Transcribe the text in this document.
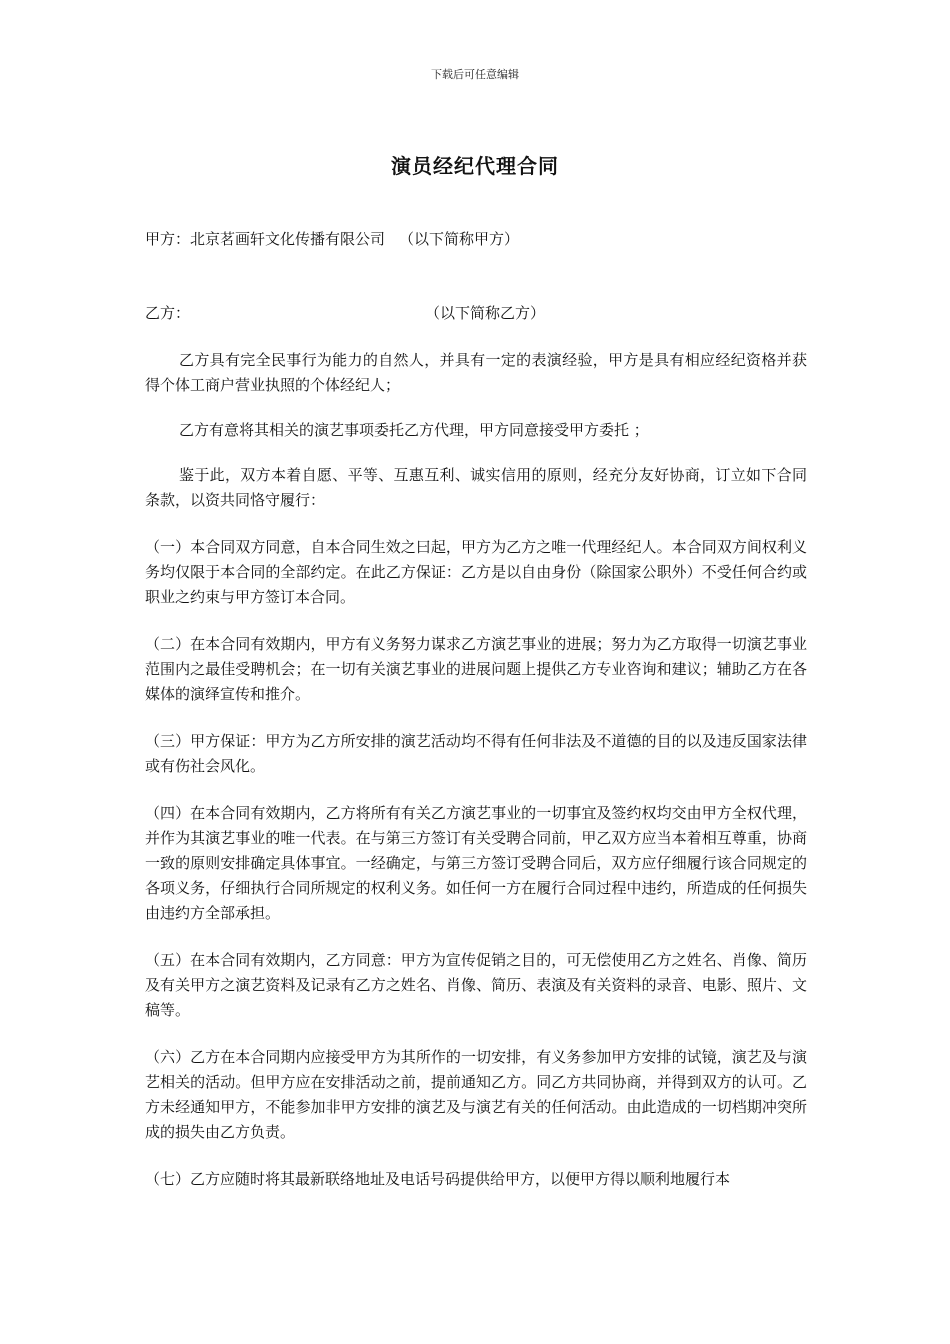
下载后可任意编辑
演员经纪代理合同
甲方：北京茗画轩文化传播有限公司 （以下简称甲方）
乙方：	（以下简称乙方）

乙方具有完全民事行为能力的自然人，并具有一定的表演经验，甲方是具有相应经纪资格并获得个体工商户营业执照的个体经纪人；

乙方有意将其相关的演艺事项委托乙方代理，甲方同意接受甲方委托 ；

鉴于此，双方本着自愿、平等、互惠互利、诚实信用的原则，经充分友好协商，订立如下合同条款，以资共同恪守履行：

（一）本合同双方同意，自本合同生效之曰起，甲方为乙方之唯一代理经纪人。本合同双方间权利义务均仅限于本合同的全部约定。在此乙方保证：乙方是以自由身份（除国家公职外）不受任何合约或职业之约束与甲方签订本合同。

（二）在本合同有效期内，甲方有义务努力谋求乙方演艺事业的进展；努力为乙方取得一切演艺事业范围内之最佳受聘机会；在一切有关演艺事业的进展问题上提供乙方专业咨询和建议；辅助乙方在各媒体的演绎宣传和推介。

（三）甲方保证：甲方为乙方所安排的演艺活动均不得有任何非法及不道德的目的以及违反国家法律或有伤社会风化。

（四）在本合同有效期内，乙方将所有有关乙方演艺事业的一切事宜及签约权均交由甲方全权代理，并作为其演艺事业的唯一代表。在与第三方签订有关受聘合同前，甲乙双方应当本着相互尊重，协商一致的原则安排确定具体事宜。一经确定，与第三方签订受聘合同后，双方应仔细履行该合同规定的各项义务，仔细执行合同所规定的权利义务。如任何一方在履行合同过程中违约，所造成的任何损失由违约方全部承担。

（五）在本合同有效期内，乙方同意：甲方为宣传促销之目的，可无偿使用乙方之姓名、肖像、简历及有关甲方之演艺资料及记录有乙方之姓名、肖像、简历、表演及有关资料的录音、电影、照片、文稿等。

（六）乙方在本合同期内应接受甲方为其所作的一切安排，有义务参加甲方安排的试镜，演艺及与演艺相关的活动。但甲方应在安排活动之前，提前通知乙方。同乙方共同协商，并得到双方的认可。乙方未经通知甲方，不能参加非甲方安排的演艺及与演艺有关的任何活动。由此造成的一切档期冲突所成的损失由乙方负责。

（七）乙方应随时将其最新联络地址及电话号码提供给甲方，以便甲方得以顺利地履行本
